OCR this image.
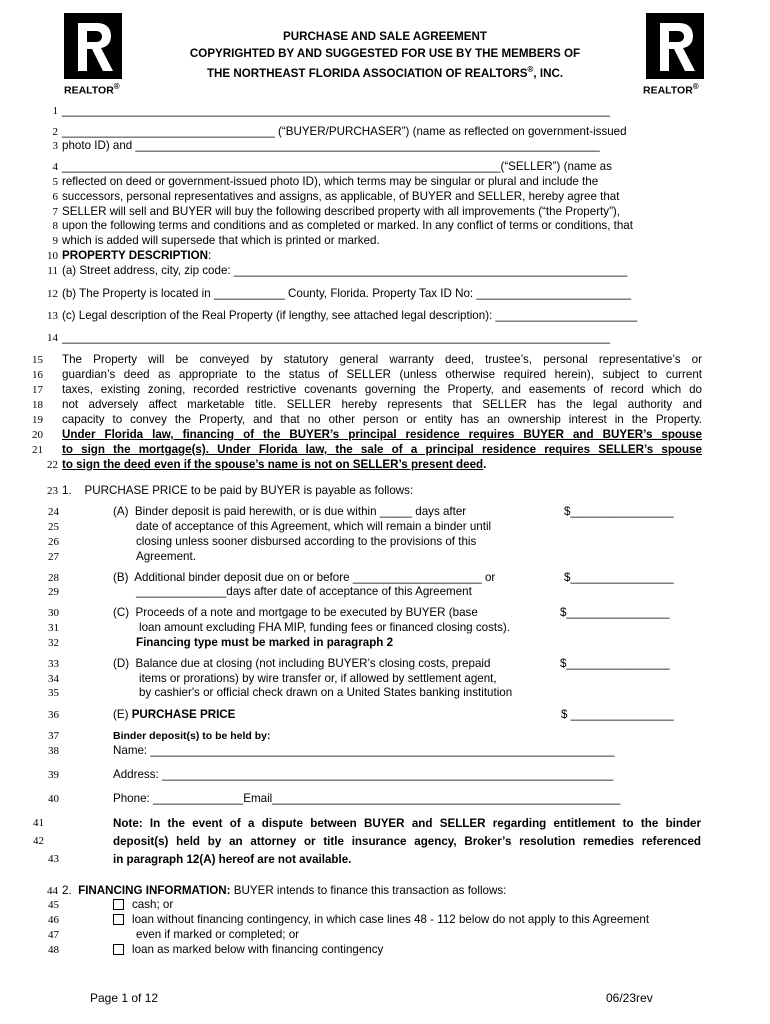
REALTOR®	REALTOR®
PURCHASE AND SALE AGREEMENT
COPYRIGHTED BY AND SUGGESTED FOR USE BY THE MEMBERS OF
THE NORTHEAST FLORIDA ASSOCIATION OF REALTORS®, INC.
1 _____________________________________________________________________________________
2 _________________________________ (“BUYER/PURCHASER”) (name as reflected on government-issued
3 photo ID) and ________________________________________________________________________
4 ____________________________________________________________________(“SELLER”) (name as
5 reflected on deed or government-issued photo ID), which terms may be singular or plural and include the
6 successors, personal representatives and assigns, as applicable, of BUYER and SELLER, hereby agree that
7 SELLER will sell and BUYER will buy the following described property with all improvements (“the Property”),
8 upon the following terms and conditions and as completed or marked. In any conflict of terms or conditions, that
9 which is added will supersede that which is printed or marked.
10 PROPERTY DESCRIPTION:
11 (a) Street address, city, zip code: _____________________________________________________________
12 (b) The Property is located in ___________ County, Florida. Property Tax ID No: ________________________
13 (c) Legal description of the Real Property (if lengthy, see attached legal description): ______________________
14 _____________________________________________________________________________________
15	The Property will be conveyed by statutory general warranty deed, trustee’s, personal representative’s or
16	guardian’s deed as appropriate to the status of SELLER (unless otherwise required herein), subject to current
17	taxes, existing zoning, recorded restrictive covenants governing the Property, and easements of record which do
18	not adversely affect marketable title. SELLER hereby represents that SELLER has the legal authority and
19	capacity to convey the Property, and that no other person or entity has an ownership interest in the Property.
20	Under Florida law, financing of the BUYER’s principal residence requires BUYER and BUYER’s spouse
21	to sign the mortgage(s). Under Florida law, the sale of a principal residence requires SELLER’s spouse
22 to sign the deed even if the spouse’s name is not on SELLER’s present deed.
23 1.    PURCHASE PRICE to be paid by BUYER is payable as follows:
24	(A)  Binder deposit is paid herewith, or is due within _____ days after	$________________
25	date of acceptance of this Agreement, which will remain a binder until
26	closing unless sooner disbursed according to the provisions of this
27	Agreement.
28	(B)  Additional binder deposit due on or before ____________________ or	$________________
29	______________days after date of acceptance of this Agreement
30	(C)  Proceeds of a note and mortgage to be executed by BUYER (base	$________________
31	loan amount excluding FHA MIP, funding fees or financed closing costs).
32	Financing type must be marked in paragraph 2
33	(D)  Balance due at closing (not including BUYER’s closing costs, prepaid	$________________
34	items or prorations) by wire transfer or, if allowed by settlement agent,
35	by cashier's or official check drawn on a United States banking institution
36	(E) PURCHASE PRICE	$ ________________
37	Binder deposit(s) to be held by:
38	Name: ________________________________________________________________________
39	Address: ______________________________________________________________________
40	Phone: ______________Email______________________________________________________
41	Note: In the event of a dispute between BUYER and SELLER regarding entitlement to the binder
42	deposit(s) held by an attorney or title insurance agency, Broker’s resolution remedies referenced
43	in paragraph 12(A) hereof are not available.
44 2.  FINANCING INFORMATION: BUYER intends to finance this transaction as follows:
45	cash; or
46	loan without financing contingency, in which case lines 48 - 112 below do not apply to this Agreement
47	even if marked or completed; or
48	loan as marked below with financing contingency
Page 1 of 12	06/23rev
